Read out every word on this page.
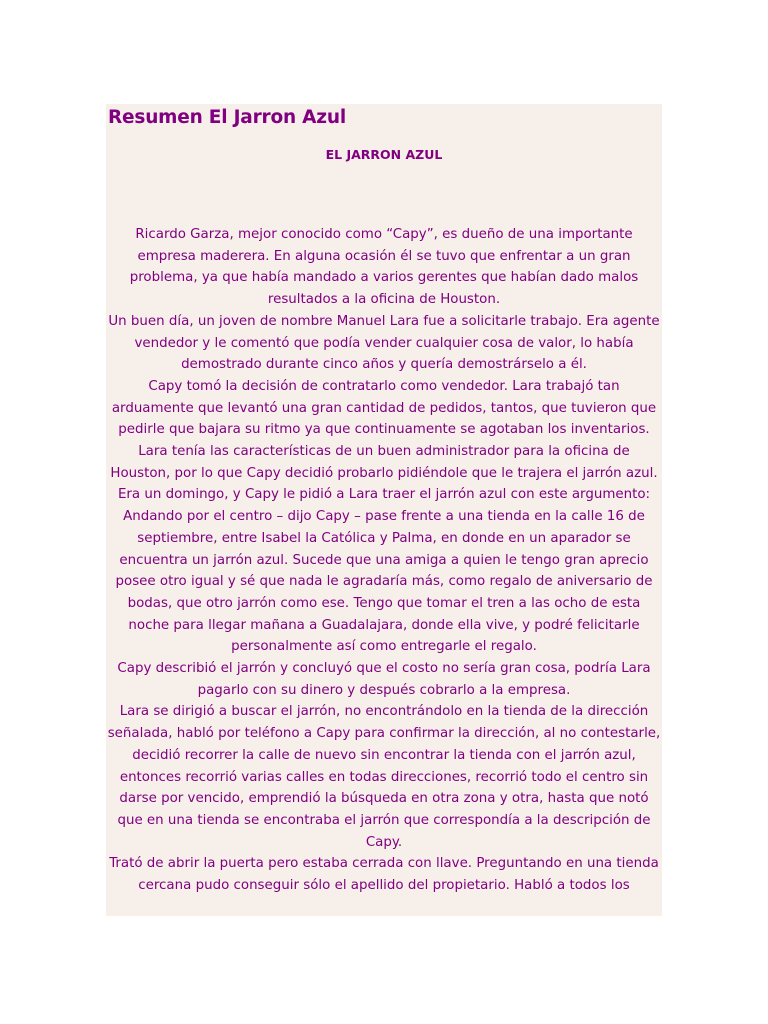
Resumen El Jarron Azul
EL JARRON AZUL

Ricardo Garza, mejor conocido como “Capy”, es dueño de una importante empresa maderera. En alguna ocasión él se tuvo que enfrentar a un gran problema, ya que había mandado a varios gerentes que habían dado malos resultados a la oficina de Houston.

Un buen día, un joven de nombre Manuel Lara fue a solicitarle trabajo. Era agente vendedor y le comentó que podía vender cualquier cosa de valor, lo había demostrado durante cinco años y quería demostrárselo a él.

Capy tomó la decisión de contratarlo como vendedor. Lara trabajó tan arduamente que levantó una gran cantidad de pedidos, tantos, que tuvieron que pedirle que bajara su ritmo ya que continuamente se agotaban los inventarios.

Lara tenía las características de un buen administrador para la oficina de Houston, por lo que Capy decidió probarlo pidiéndole que le trajera el jarrón azul.

Era un domingo, y Capy le pidió a Lara traer el jarrón azul con este argumento: Andando por el centro – dijo Capy – pase frente a una tienda en la calle 16 de septiembre, entre Isabel la Católica y Palma, en donde en un aparador se encuentra un jarrón azul. Sucede que una amiga a quien le tengo gran aprecio posee otro igual y sé que nada le agradaría más, como regalo de aniversario de bodas, que otro jarrón como ese. Tengo que tomar el tren a las ocho de esta noche para llegar mañana a Guadalajara, donde ella vive, y podré felicitarle personalmente así como entregarle el regalo.

Capy describió el jarrón y concluyó que el costo no sería gran cosa, podría Lara pagarlo con su dinero y después cobrarlo a la empresa.

Lara se dirigió a buscar el jarrón, no encontrándolo en la tienda de la dirección señalada, habló por teléfono a Capy para confirmar la dirección, al no contestarle, decidió recorrer la calle de nuevo sin encontrar la tienda con el jarrón azul, entonces recorrió varias calles en todas direcciones, recorrió todo el centro sin darse por vencido, emprendió la búsqueda en otra zona y otra, hasta que notó que en una tienda se encontraba el jarrón que correspondía a la descripción de Capy.

Trató de abrir la puerta pero estaba cerrada con llave. Preguntando en una tienda cercana pudo conseguir sólo el apellido del propietario. Habló a todos los
